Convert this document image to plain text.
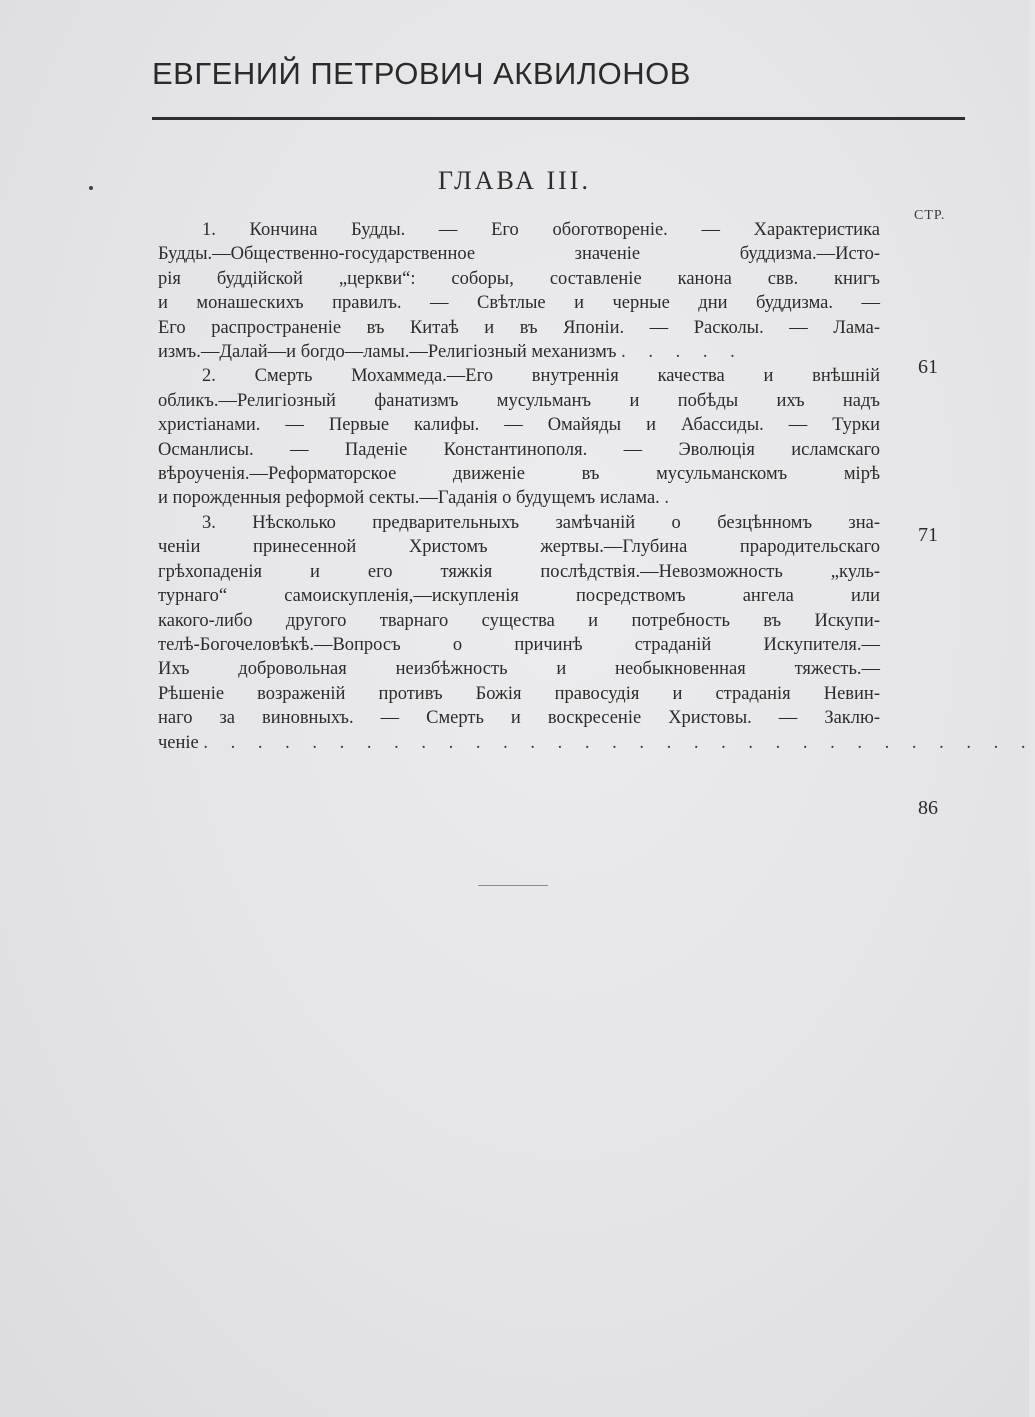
ЕВГЕНИЙ ПЕТРОВИЧ АКВИЛОНОВ
ГЛАВА III.
СТР.
1. Кончина Будды. — Его обоготвореніе. — Характеристика
Будды.—Общественно-государственное значеніе буддизма.—Исто-
рія буддійской „церкви“: соборы, составленіе канона свв. книгъ
и монашескихъ правилъ. — Свѣтлые и черные дни буддизма. —
Его распространеніе въ Китаѣ и въ Японіи. — Расколы. — Лама-
измъ.—Далай—и богдо—ламы.—Религіозный механизмъ . . . . .
2. Смерть Мохаммеда.—Его внутреннія качества и внѣшній
обликъ.—Религіозный фанатизмъ мусульманъ и побѣды ихъ надъ
христіанами. — Первые калифы. — Омайяды и Абассиды. — Турки
Османлисы. — Паденіе Константинополя. — Эволюція исламскаго
вѣроученія.—Реформаторское движеніе въ мусульманскомъ мірѣ
и порожденныя реформой секты.—Гаданія о будущемъ ислама. .
3. Нѣсколько предварительныхъ замѣчаній о безцѣнномъ зна-
ченіи принесенной Христомъ жертвы.—Глубина прародительскаго
грѣхопаденія и его тяжкія послѣдствія.—Невозможность „куль-
турнаго“ самоискупленія,—искупленія посредствомъ ангела или
какого-либо другого тварнаго существа и потребность въ Искупи-
телѣ-Богочеловѣкѣ.—Вопросъ о причинѣ страданій Искупителя.—
Ихъ добровольная неизбѣжность и необыкновенная тяжесть.—
Рѣшеніе возраженій противъ Божія правосудія и страданія Невин-
наго за виновныхъ. — Смерть и воскресеніе Христовы. — Заклю-
ченіе . . . . . . . . . . . . . . . . . . . . . . . . . . . . . . .
61
71
86
